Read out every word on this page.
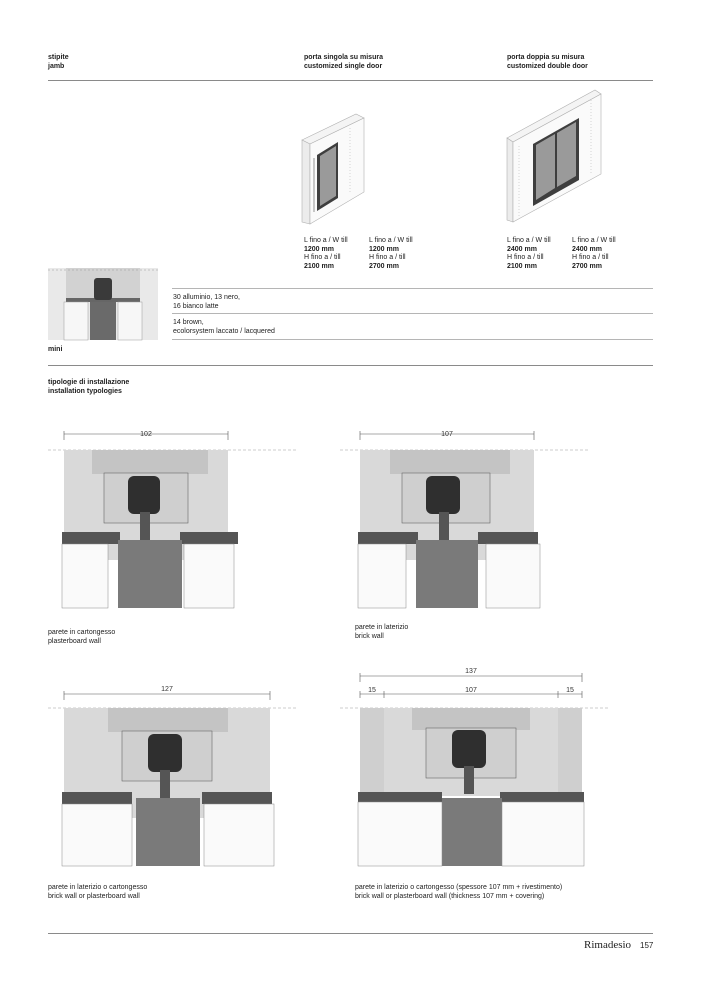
stipite
jamb
porta singola su misura
customized single door
porta doppia su misura
customized double door
L fino a / W till
1200 mm
H fino a / till
2100 mm
L fino a / W till
1200 mm
H fino a / till
2700 mm
L fino a / W till
2400 mm
H fino a / till
2100 mm
L fino a / W till
2400 mm
H fino a / till
2700 mm
mini
30 alluminio, 13 nero,
16 bianco latte
14 brown,
ecolorsystem laccato / lacquered
tipologie di installazione
installation typologies
102
parete in cartongesso
plasterboard wall
107
parete in laterizio
brick wall
127
parete in laterizio o cartongesso
brick wall or plasterboard wall
137
15	107	15
parete in laterizio o cartongesso (spessore 107 mm + rivestimento)
brick wall or plasterboard wall (thickness 107 mm + covering)
Rimadesio 157
